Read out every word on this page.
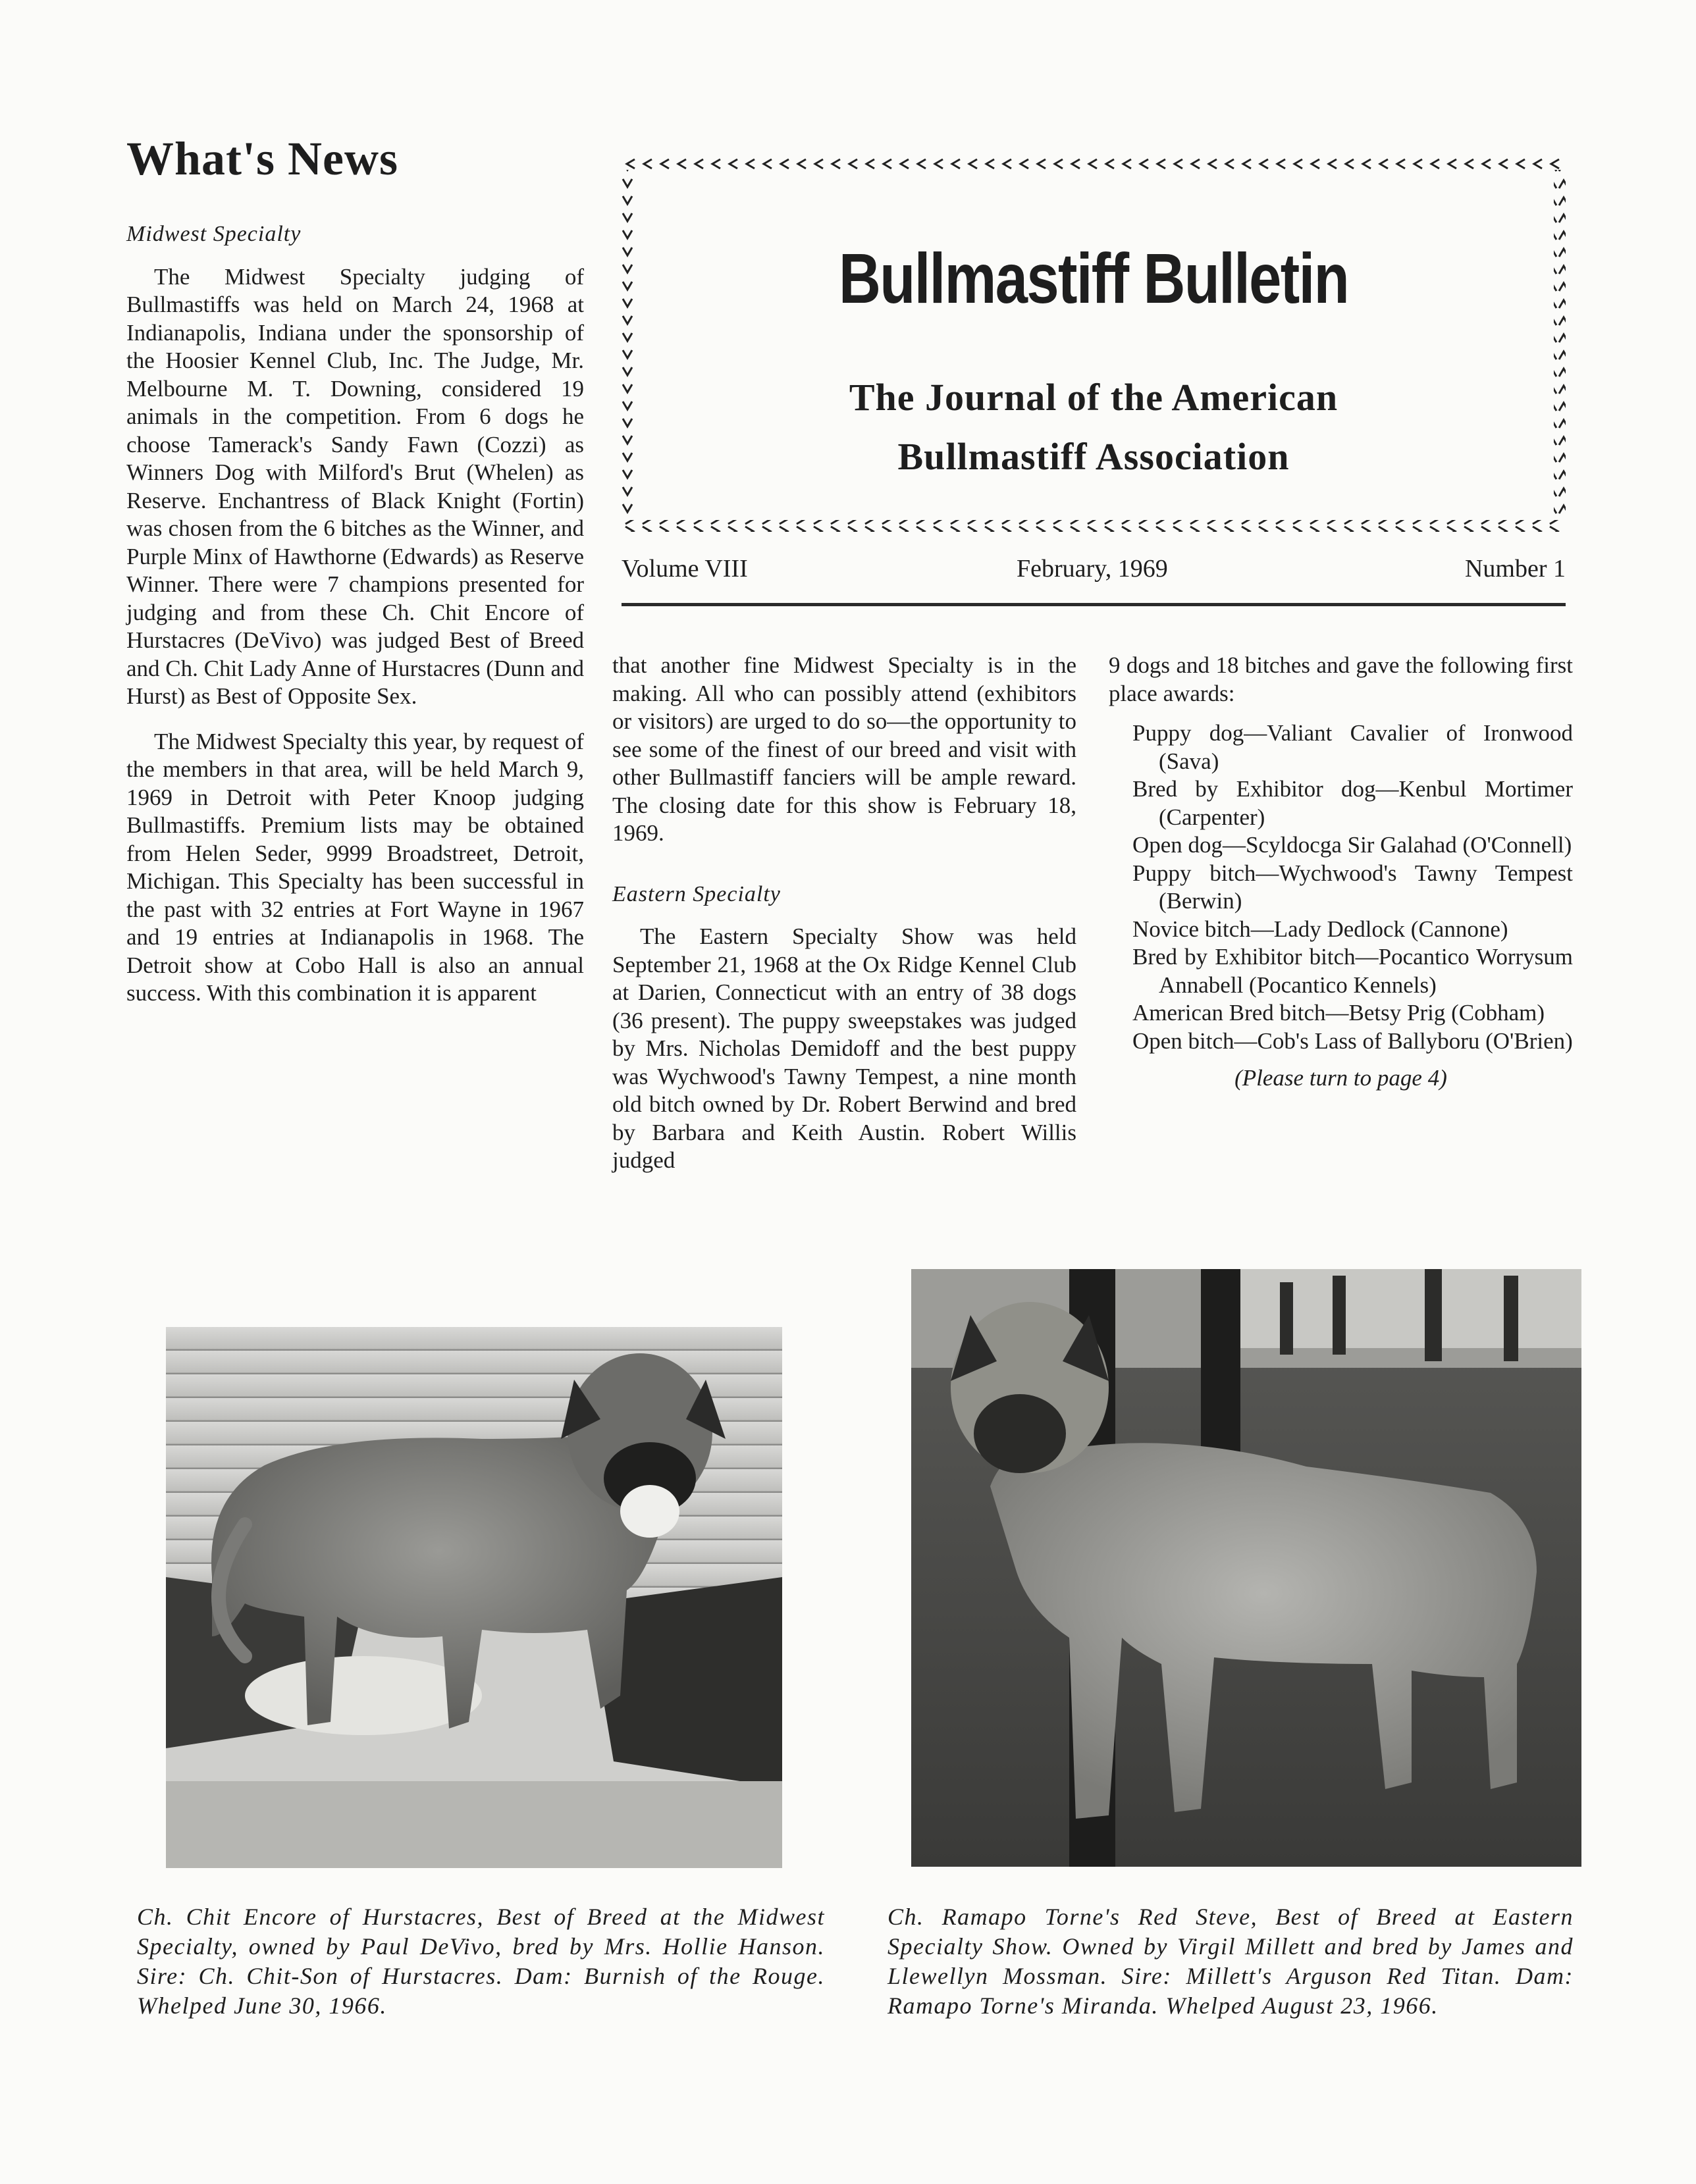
What's News
Midwest Specialty

The Midwest Specialty judging of Bullmastiffs was held on March 24, 1968 at Indianapolis, Indiana under the sponsorship of the Hoosier Kennel Club, Inc. The Judge, Mr. Melbourne M. T. Downing, considered 19 animals in the competition. From 6 dogs he choose Tamerack's Sandy Fawn (Cozzi) as Winners Dog with Milford's Brut (Whelen) as Reserve. Enchantress of Black Knight (Fortin) was chosen from the 6 bitches as the Winner, and Purple Minx of Hawthorne (Edwards) as Reserve Winner. There were 7 champions presented for judging and from these Ch. Chit Encore of Hurstacres (DeVivo) was judged Best of Breed and Ch. Chit Lady Anne of Hurstacres (Dunn and Hurst) as Best of Opposite Sex.

The Midwest Specialty this year, by request of the members in that area, will be held March 9, 1969 in Detroit with Peter Knoop judging Bullmastiffs. Premium lists may be obtained from Helen Seder, 9999 Broadstreet, Detroit, Michigan. This Specialty has been successful in the past with 32 entries at Fort Wayne in 1967 and 19 entries at Indianapolis in 1968. The Detroit show at Cobo Hall is also an annual success. With this combination it is apparent

Bullmastiff Bulletin
The Journal of the American
Bullmastiff Association
Volume VIII	February, 1969	Number 1

that another fine Midwest Specialty is in the making. All who can possibly attend (exhibitors or visitors) are urged to do so—the opportunity to see some of the finest of our breed and visit with other Bullmastiff fanciers will be ample reward. The closing date for this show is February 18, 1969.

Eastern Specialty

The Eastern Specialty Show was held September 21, 1968 at the Ox Ridge Kennel Club at Darien, Connecticut with an entry of 38 dogs (36 present). The puppy sweepstakes was judged by Mrs. Nicholas Demidoff and the best puppy was Wychwood's Tawny Tempest, a nine month old bitch owned by Dr. Robert Berwind and bred by Barbara and Keith Austin. Robert Willis judged

9 dogs and 18 bitches and gave the following first place awards:

Puppy dog—Valiant Cavalier of Ironwood (Sava)
Bred by Exhibitor dog—Kenbul Mortimer (Carpenter)
Open dog—Scyldocga Sir Galahad (O'Connell)
Puppy bitch—Wychwood's Tawny Tempest (Berwin)
Novice bitch—Lady Dedlock (Cannone)
Bred by Exhibitor bitch—Pocantico Worrysum Annabell (Pocantico Kennels)
American Bred bitch—Betsy Prig (Cobham)
Open bitch—Cob's Lass of Ballyboru (O'Brien)
(Please turn to page 4)
Ch. Chit Encore of Hurstacres, Best of Breed at the Midwest Specialty, owned by Paul DeVivo, bred by Mrs. Hollie Hanson. Sire: Ch. Chit-Son of Hurstacres. Dam: Burnish of the Rouge. Whelped June 30, 1966.
Ch. Ramapo Torne's Red Steve, Best of Breed at Eastern Specialty Show. Owned by Virgil Millett and bred by James and Llewellyn Mossman. Sire: Millett's Arguson Red Titan. Dam: Ramapo Torne's Miranda. Whelped August 23, 1966.
